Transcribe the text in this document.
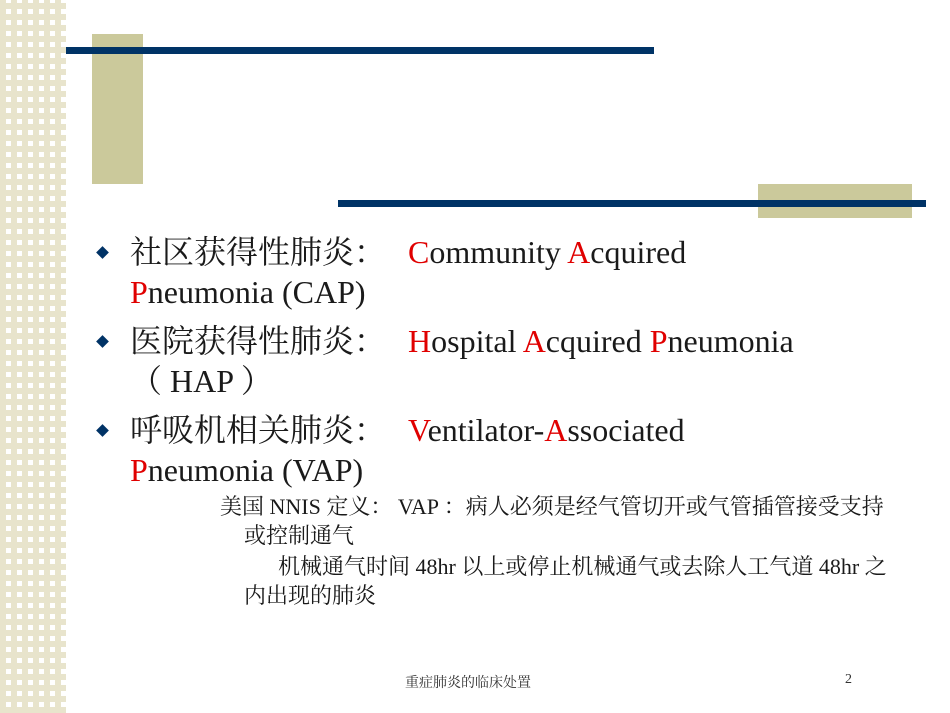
社区获得性肺炎： Community Acquired
Pneumonia (CAP)
医院获得性肺炎： Hospital Acquired Pneumonia
（ HAP ）
呼吸机相关肺炎： Ventilator-Associated
Pneumonia (VAP)
美国 NNIS 定义： VAP ：病人必须是经气管切开或气管插管接受支持或控制通气
机械通气时间 48hr 以上或停止机械通气或去除人工气道 48hr 之内出现的肺炎
重症肺炎的临床处置	2
